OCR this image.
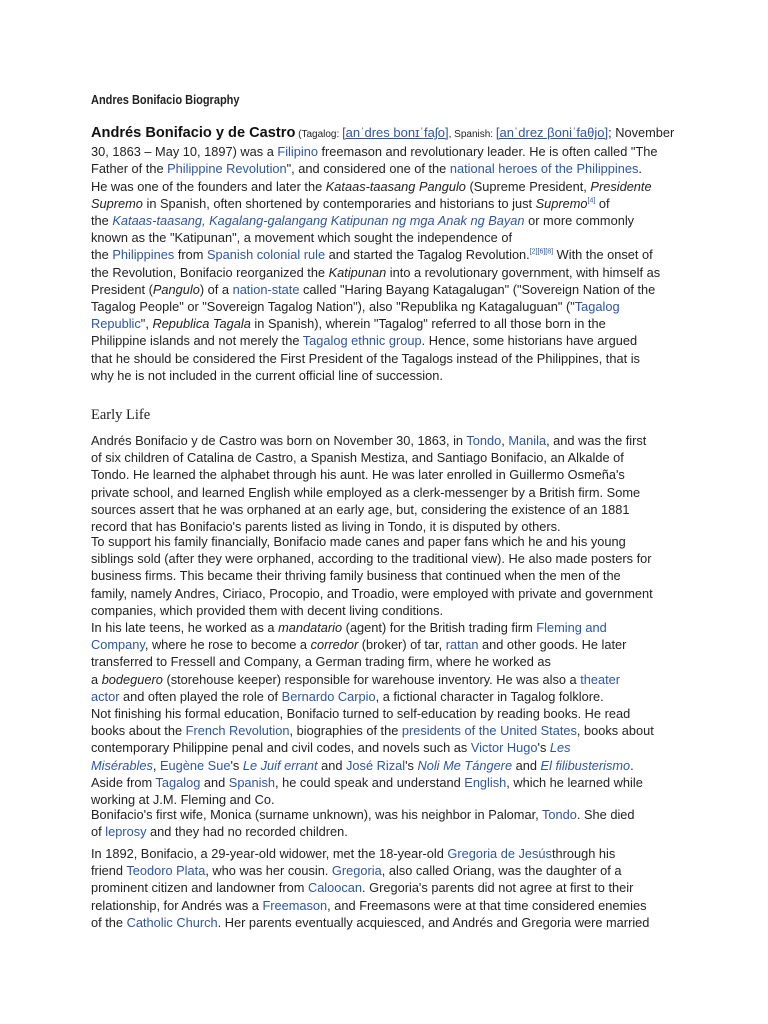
Andres Bonifacio Biography

Andrés Bonifacio y de Castro (Tagalog: [anˈdres bonɪˈfaʃo], Spanish: [anˈdrez βoniˈfaθjo]; November
30, 1863 – May 10, 1897) was a Filipino freemason and revolutionary leader. He is often called "The
Father of the Philippine Revolution", and considered one of the national heroes of the Philippines.
He was one of the founders and later the Kataas-taasang Pangulo (Supreme President, Presidente
Supremo in Spanish, often shortened by contemporaries and historians to just Supremo[4] of
the Kataas-taasang, Kagalang-galangang Katipunan ng mga Anak ng Bayan or more commonly
known as the "Katipunan", a movement which sought the independence of
the Philippines from Spanish colonial rule and started the Tagalog Revolution.[2][6][8] With the onset of
the Revolution, Bonifacio reorganized the Katipunan into a revolutionary government, with himself as
President (Pangulo) of a nation-state called "Haring Bayang Katagalugan" ("Sovereign Nation of the
Tagalog People" or "Sovereign Tagalog Nation"), also "Republika ng Katagaluguan" ("Tagalog
Republic", Republica Tagala in Spanish), wherein "Tagalog" referred to all those born in the
Philippine islands and not merely the Tagalog ethnic group. Hence, some historians have argued
that he should be considered the First President of the Tagalogs instead of the Philippines, that is
why he is not included in the current official line of succession.

Early Life

Andrés Bonifacio y de Castro was born on November 30, 1863, in Tondo, Manila, and was the first
of six children of Catalina de Castro, a Spanish Mestiza, and Santiago Bonifacio, an Alkalde of
Tondo. He learned the alphabet through his aunt. He was later enrolled in Guillermo Osmeña's
private school, and learned English while employed as a clerk-messenger by a British firm. Some
sources assert that he was orphaned at an early age, but, considering the existence of an 1881
record that has Bonifacio's parents listed as living in Tondo, it is disputed by others.

To support his family financially, Bonifacio made canes and paper fans which he and his young
siblings sold (after they were orphaned, according to the traditional view). He also made posters for
business firms. This became their thriving family business that continued when the men of the
family, namely Andres, Ciriaco, Procopio, and Troadio, were employed with private and government
companies, which provided them with decent living conditions.

In his late teens, he worked as a mandatario (agent) for the British trading firm Fleming and
Company, where he rose to become a corredor (broker) of tar, rattan and other goods. He later
transferred to Fressell and Company, a German trading firm, where he worked as
a bodeguero (storehouse keeper) responsible for warehouse inventory. He was also a theater
actor and often played the role of Bernardo Carpio, a fictional character in Tagalog folklore.

Not finishing his formal education, Bonifacio turned to self-education by reading books. He read
books about the French Revolution, biographies of the presidents of the United States, books about
contemporary Philippine penal and civil codes, and novels such as Victor Hugo's Les
Misérables, Eugène Sue's Le Juif errant and José Rizal's Noli Me Tángere and El filibusterismo.
Aside from Tagalog and Spanish, he could speak and understand English, which he learned while
working at J.M. Fleming and Co.

Bonifacio's first wife, Monica (surname unknown), was his neighbor in Palomar, Tondo. She died
of leprosy and they had no recorded children.

In 1892, Bonifacio, a 29-year-old widower, met the 18-year-old Gregoria de Jesústhrough his
friend Teodoro Plata, who was her cousin. Gregoria, also called Oriang, was the daughter of a
prominent citizen and landowner from Caloocan. Gregoria's parents did not agree at first to their
relationship, for Andrés was a Freemason, and Freemasons were at that time considered enemies
of the Catholic Church. Her parents eventually acquiesced, and Andrés and Gregoria were married
